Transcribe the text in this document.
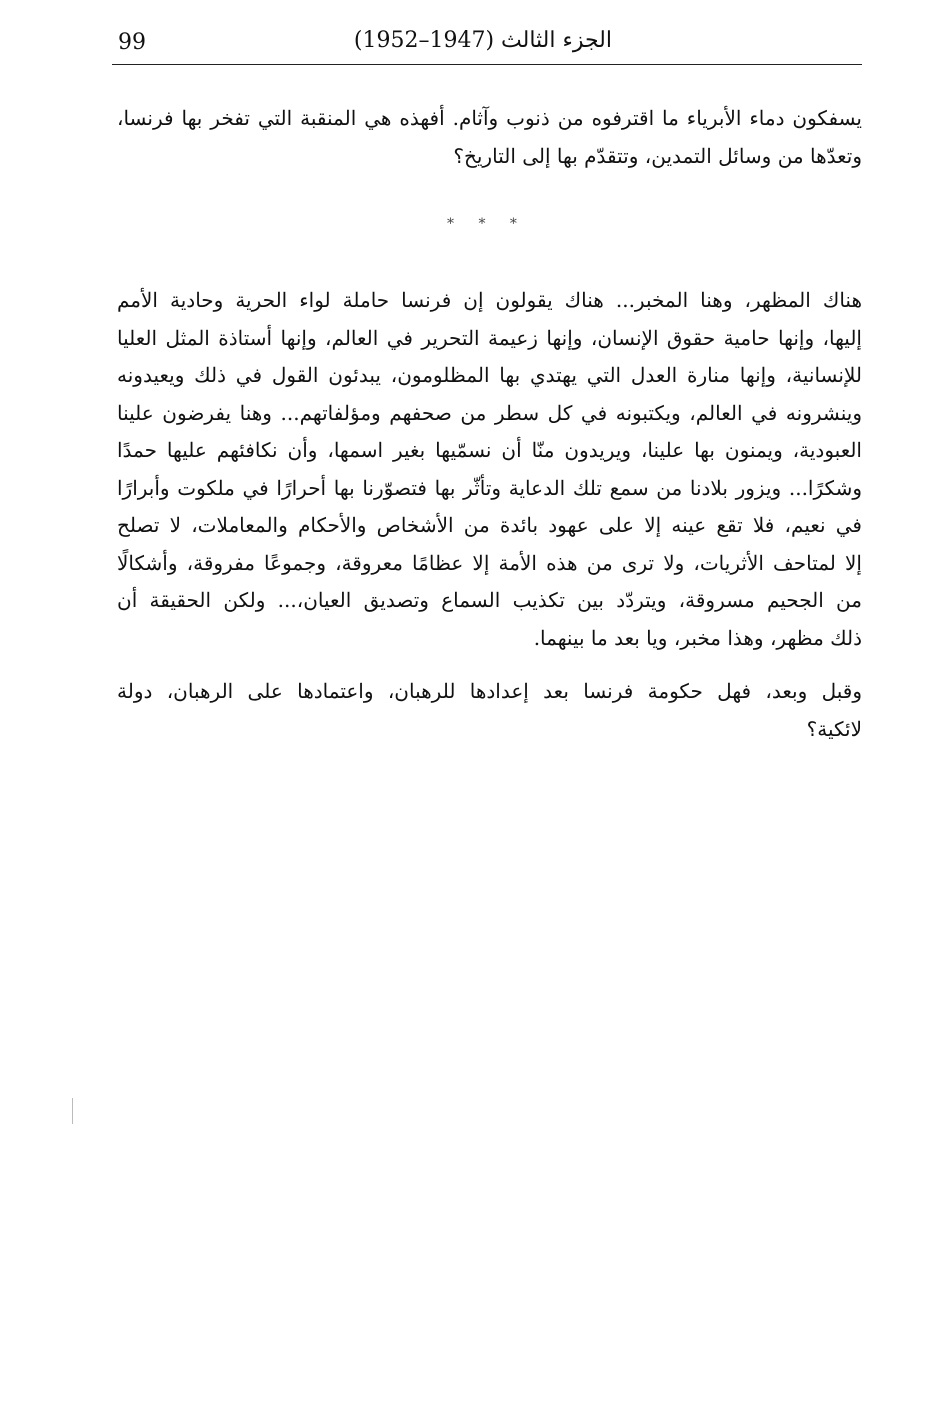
99	الجزء الثالث (1947–1952)
يسفكون دماء الأبرياء ما اقترفوه من ذنوب وآثام. أفهذه هي المنقبة التي تفخر بها فرنسا،
وتعدّها من وسائل التمدين، وتتقدّم بها إلى التاريخ؟
* * *
هناك المظهر، وهنا المخبر... هناك يقولون إن فرنسا حاملة لواء الحرية وحادية الأمم
إليها، وإنها حامية حقوق الإنسان، وإنها زعيمة التحرير في العالم، وإنها أستاذة المثل العليا
للإنسانية، وإنها منارة العدل التي يهتدي بها المظلومون، يبدئون القول في ذلك ويعيدونه
وينشرونه في العالم، ويكتبونه في كل سطر من صحفهم ومؤلفاتهم... وهنا يفرضون علينا
العبودية، ويمنون بها علينا، ويريدون منّا أن نسمّيها بغير اسمها، وأن نكافئهم عليها حمدًا
وشكرًا... ويزور بلادنا من سمع تلك الدعاية وتأثّر بها فتصوّرنا بها أحرارًا في ملكوت وأبرارًا
في نعيم، فلا تقع عينه إلا على عهود بائدة من الأشخاص والأحكام والمعاملات، لا تصلح
إلا لمتاحف الأثريات، ولا ترى من هذه الأمة إلا عظامًا معروقة، وجموعًا مفروقة، وأشكالًا
من الجحيم مسروقة، ويتردّد بين تكذيب السماع وتصديق العيان،... ولكن الحقيقة أن
ذلك مظهر، وهذا مخبر، ويا بعد ما بينهما.
وقبل وبعد، فهل حكومة فرنسا بعد إعدادها للرهبان، واعتمادها على الرهبان، دولة
لائكية؟
